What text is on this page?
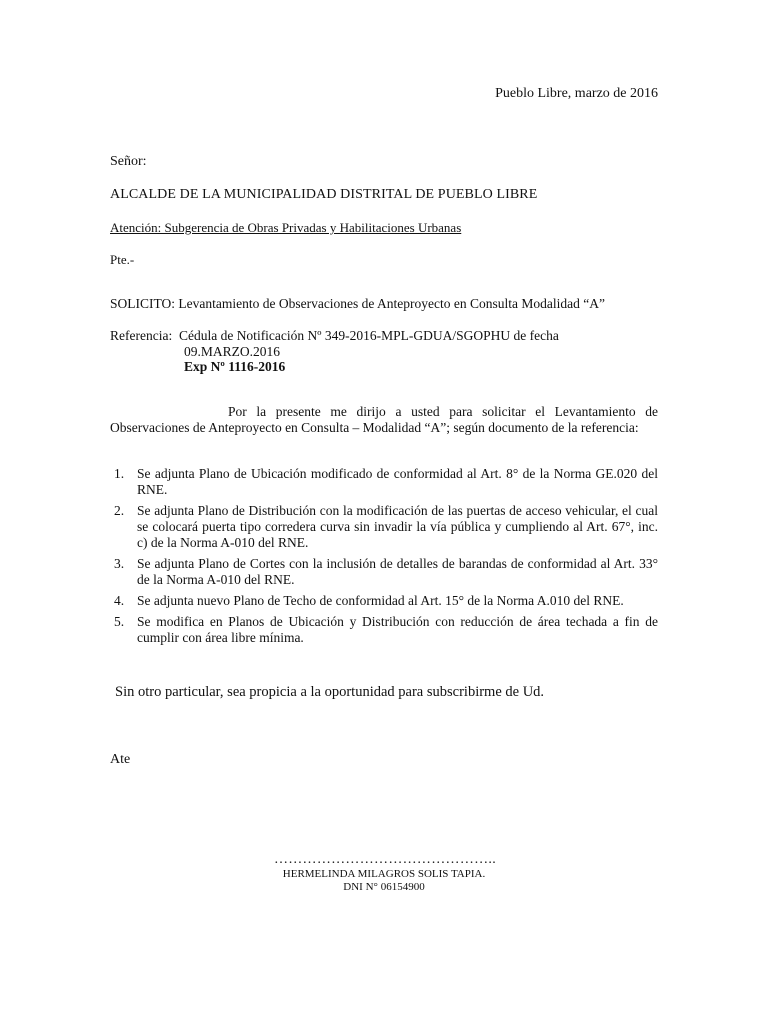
Pueblo Libre, marzo de 2016
Señor:
ALCALDE DE LA MUNICIPALIDAD DISTRITAL DE PUEBLO LIBRE
Atención: Subgerencia de Obras Privadas y Habilitaciones Urbanas
Pte.-
SOLICITO: Levantamiento de Observaciones de Anteproyecto en Consulta Modalidad “A”
Referencia:  Cédula de Notificación Nº 349-2016-MPL-GDUA/SGOPHU de fecha
09.MARZO.2016
Exp Nº 1116-2016
Por la presente me dirijo a usted para solicitar el Levantamiento de Observaciones de Anteproyecto en Consulta – Modalidad “A”; según documento de la referencia:
1. Se adjunta Plano de Ubicación modificado de conformidad al Art. 8° de la Norma GE.020 del RNE.
2. Se adjunta Plano de Distribución con la modificación de las puertas de acceso vehicular, el cual se colocará puerta tipo corredera curva sin invadir la vía pública y cumpliendo al Art. 67°, inc. c) de la Norma A-010 del RNE.
3. Se adjunta Plano de Cortes con la inclusión de detalles de barandas de conformidad al Art. 33° de la Norma A-010 del RNE.
4. Se adjunta nuevo Plano de Techo de conformidad al Art. 15° de la Norma A.010 del RNE.
5. Se modifica en Planos de Ubicación y Distribución con reducción de área techada a fin de cumplir con área libre mínima.
Sin otro particular, sea propicia a la oportunidad para subscribirme de Ud.
Ate
………………………………………..
HERMELINDA MILAGROS SOLIS TAPIA.
DNI N° 06154900
